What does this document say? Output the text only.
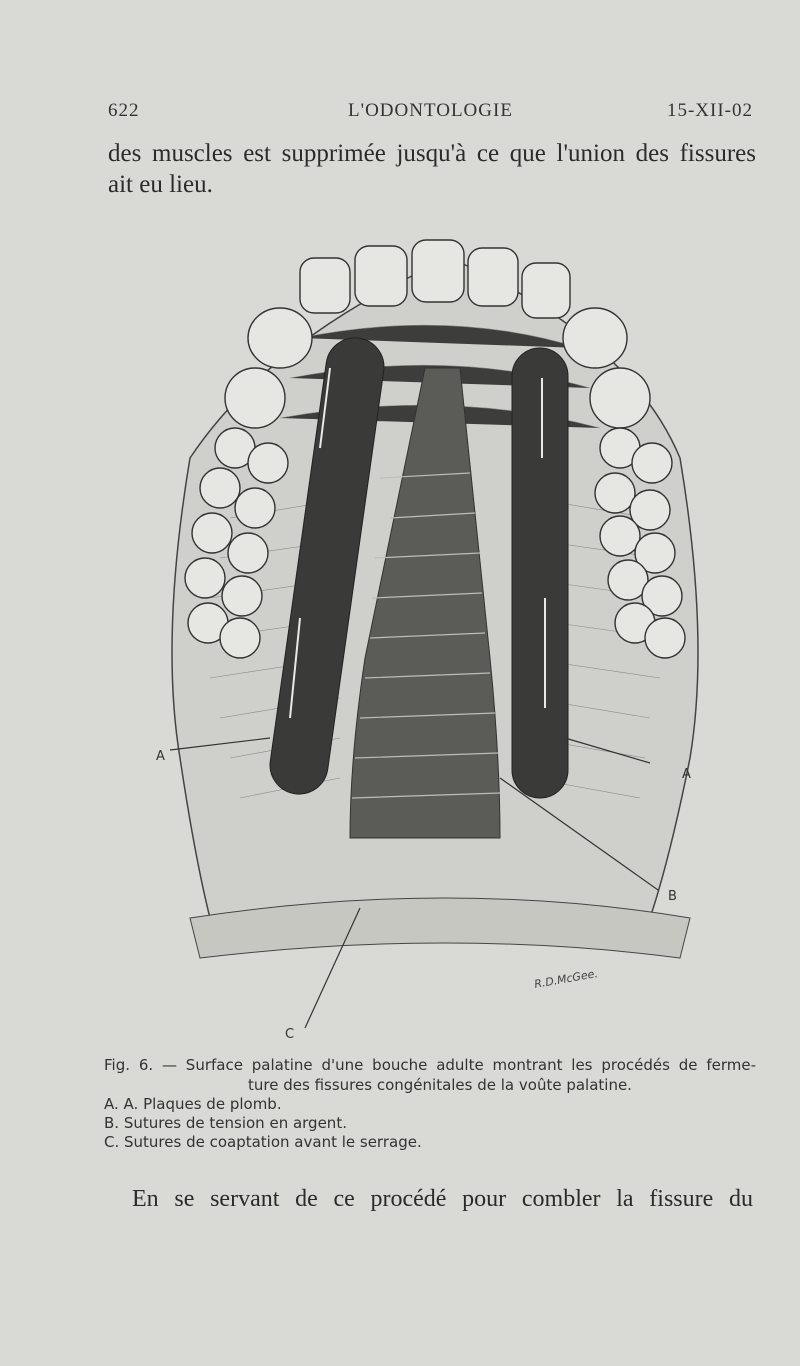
622	L'ODONTOLOGIE	15-XII-02
des muscles est supprimée jusqu'à ce que l'union des fissures
ait eu lieu.
A
A
B
C
R.D.McGee.
Fig. 6. — Surface palatine d'une bouche adulte montrant les procédés de ferme-
ture des fissures congénitales de la voûte palatine.
A. A. Plaques de plomb.
B. Sutures de tension en argent.
C. Sutures de coaptation avant le serrage.
En se servant de ce procédé pour combler la fissure du
